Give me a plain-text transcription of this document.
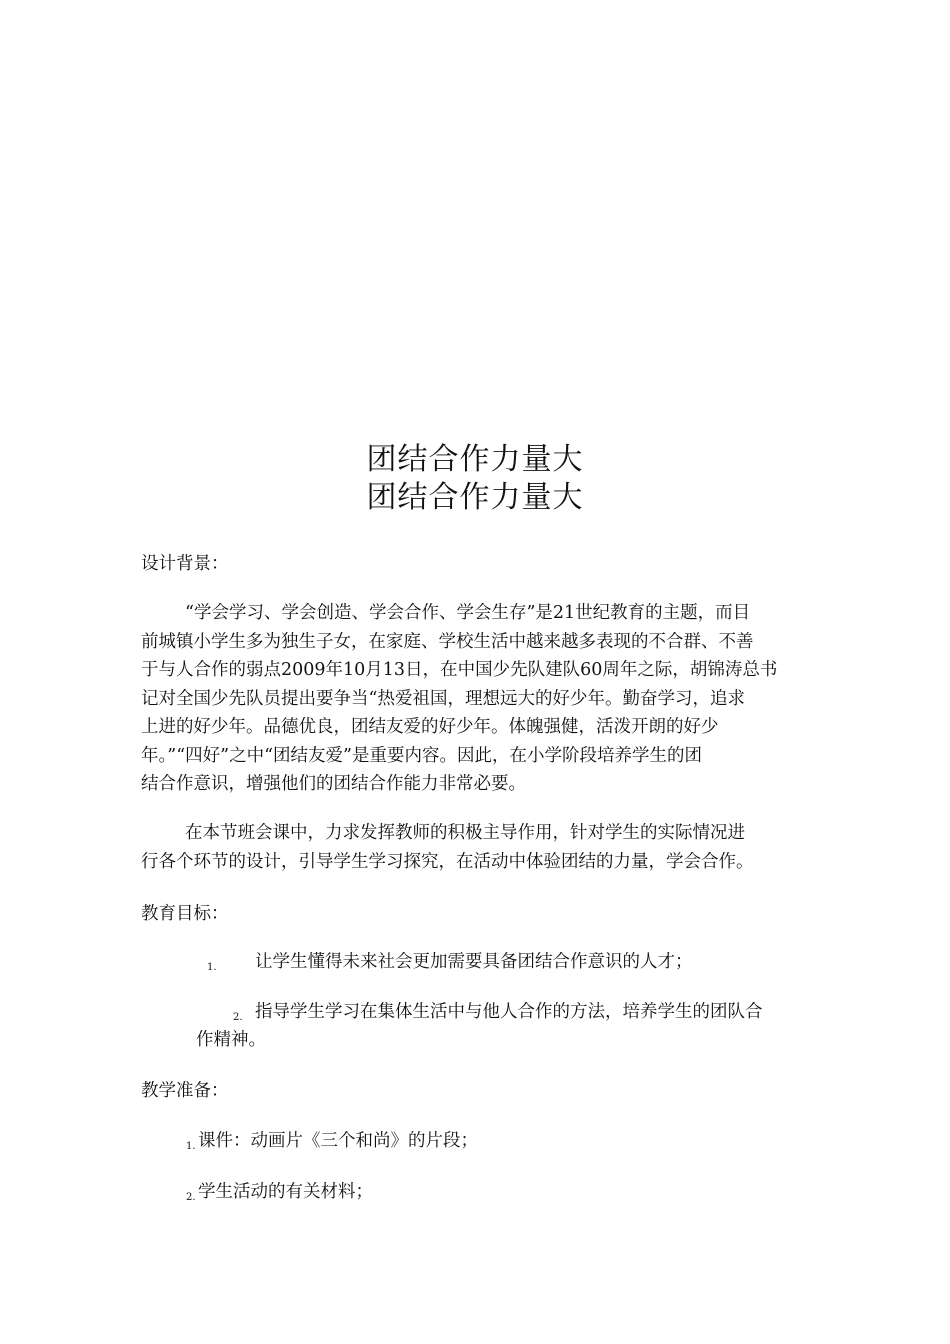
团结合作力量大
团结合作力量大
设计背景：
“学会学习、学会创造、学会合作、学会生存”是21世纪教育的主题，而目
前城镇小学生多为独生子女，在家庭、学校生活中越来越多表现的不合群、不善
于与人合作的弱点2009年10月13日，在中国少先队建队60周年之际，胡锦涛总书
记对全国少先队员提出要争当“热爱祖国，理想远大的好少年。勤奋学习，追求
上进的好少年。品德优良，团结友爱的好少年。体魄强健，活泼开朗的好少
年。”“四好”之中“团结友爱”是重要内容。因此，在小学阶段培养学生的团
结合作意识，增强他们的团结合作能力非常必要。
在本节班会课中，力求发挥教师的积极主导作用，针对学生的实际情况进
行各个环节的设计，引导学生学习探究，在活动中体验团结的力量，学会合作。
教育目标：
1. 让学生懂得未来社会更加需要具备团结合作意识的人才；
2. 指导学生学习在集体生活中与他人合作的方法，培养学生的团队合
作精神。
教学准备：
1. 课件：动画片《三个和尚》的片段；
2. 学生活动的有关材料；
